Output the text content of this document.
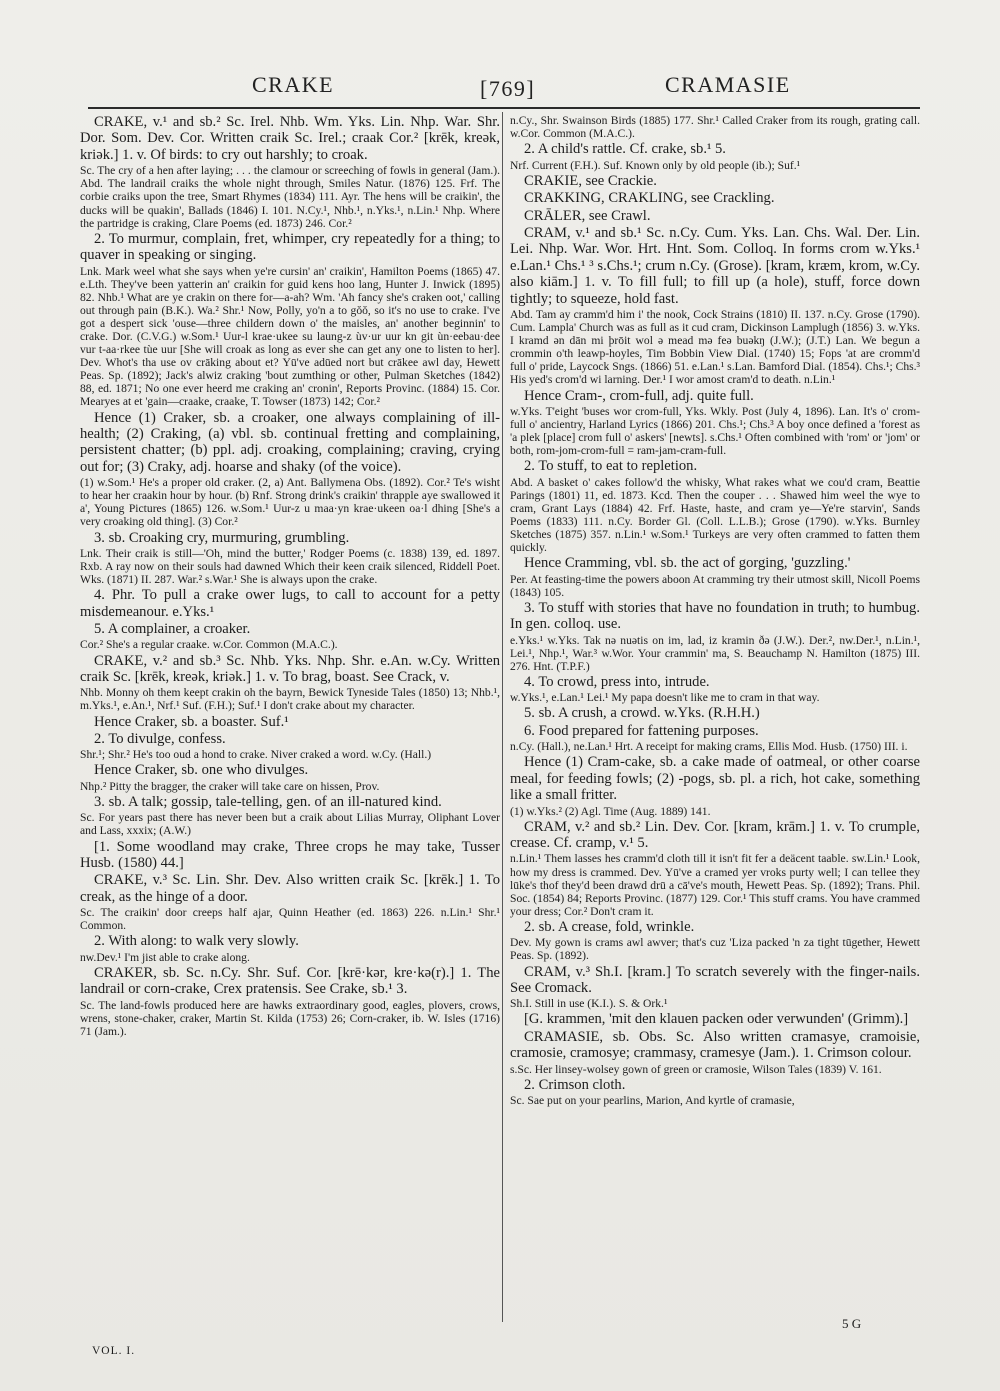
CRAKE	[769]	CRAMASIE

CRAKE, v.¹ and sb.² Sc. Irel. Nhb. Wm. Yks. Lin. Nhp. War. Shr. Dor. Som. Dev. Cor. Written craik Sc. Irel.; craak Cor.² [krēk, kreək, kriək.] 1. v. Of birds: to cry out harshly; to croak.

Sc. The cry of a hen after laying; . . . the clamour or screeching of fowls in general (Jam.). Abd. The landrail craiks the whole night through, Smiles Natur. (1876) 125. Frf. The corbie craiks upon the tree, Smart Rhymes (1834) 111. Ayr. The hens will be craikin', the ducks will be quakin', Ballads (1846) I. 101. N.Cy.¹, Nhb.¹, n.Yks.¹, n.Lin.¹ Nhp. Where the partridge is craking, Clare Poems (ed. 1873) 246. Cor.²

2. To murmur, complain, fret, whimper, cry repeatedly for a thing; to quaver in speaking or singing.

Lnk. Mark weel what she says when ye're cursin' an' craikin', Hamilton Poems (1865) 47. e.Lth. They've been yatterin an' craikin for guid kens hoo lang, Hunter J. Inwick (1895) 82. Nhb.¹ What are ye crakin on there for—a-ah? Wm. 'Ah fancy she's craken oot,' calling out through pain (B.K.). Wa.² Shr.¹ Now, Polly, yo'n a to gŏŏ, so it's no use to crake. I've got a despert sick 'ouse—three childern down o' the maisles, an' another beginnin' to crake. Dor. (C.V.G.) w.Som.¹ Uur-l krae·ukee su laung-z ùv·ur uur kn git ùn·eebau·dee vur t-aa·rkee tùe uur [She will croak as long as ever she can get any one to listen to her]. Dev. Whot's tha use ov crāking about et? Yū've adūed nort but crākee awl day, Hewett Peas. Sp. (1892); Jack's alwiz craking 'bout zumthing or other, Pulman Sketches (1842) 88, ed. 1871; No one ever heerd me craking an' cronin', Reports Provinc. (1884) 15. Cor. Mearyes at et 'gain—craake, craake, T. Towser (1873) 142; Cor.²

Hence (1) Craker, sb. a croaker, one always complaining of ill-health; (2) Craking, (a) vbl. sb. continual fretting and complaining, persistent chatter; (b) ppl. adj. croaking, complaining; craving, crying out for; (3) Craky, adj. hoarse and shaky (of the voice).

(1) w.Som.¹ He's a proper old craker. (2, a) Ant. Ballymena Obs. (1892). Cor.² Te's wisht to hear her craakin hour by hour. (b) Rnf. Strong drink's craikin' thrapple aye swallowed it a', Young Pictures (1865) 126. w.Som.¹ Uur-z u maa·yn krae·ukeen oa·l dhing [She's a very croaking old thing]. (3) Cor.²

3. sb. Croaking cry, murmuring, grumbling.

Lnk. Their craik is still—'Oh, mind the butter,' Rodger Poems (c. 1838) 139, ed. 1897. Rxb. A ray now on their souls had dawned Which their keen craik silenced, Riddell Poet. Wks. (1871) II. 287. War.² s.War.¹ She is always upon the crake.

4. Phr. To pull a crake ower lugs, to call to account for a petty misdemeanour. e.Yks.¹

5. A complainer, a croaker.

Cor.² She's a regular craake. w.Cor. Common (M.A.C.).

CRAKE, v.² and sb.³ Sc. Nhb. Yks. Nhp. Shr. e.An. w.Cy. Written craik Sc. [krēk, kreək, kriək.] 1. v. To brag, boast. See Crack, v.

Nhb. Monny oh them keept crakin oh the bayrn, Bewick Tyneside Tales (1850) 13; Nhb.¹, m.Yks.¹, e.An.¹, Nrf.¹ Suf. (F.H.); Suf.¹ I don't crake about my character.

Hence Craker, sb. a boaster. Suf.¹

2. To divulge, confess.

Shr.¹; Shr.² He's too oud a hond to crake. Niver craked a word. w.Cy. (Hall.)

Hence Craker, sb. one who divulges.

Nhp.² Pitty the bragger, the craker will take care on hissen, Prov.

3. sb. A talk; gossip, tale-telling, gen. of an ill-natured kind.

Sc. For years past there has never been but a craik about Lilias Murray, Oliphant Lover and Lass, xxxix; (A.W.)

[1. Some woodland may crake, Three crops he may take, Tusser Husb. (1580) 44.]

CRAKE, v.³ Sc. Lin. Shr. Dev. Also written craik Sc. [krēk.] 1. To creak, as the hinge of a door.

Sc. The craikin' door creeps half ajar, Quinn Heather (ed. 1863) 226. n.Lin.¹ Shr.¹ Common.

2. With along: to walk very slowly.

nw.Dev.¹ I'm jist able to crake along.

CRAKER, sb. Sc. n.Cy. Shr. Suf. Cor. [krē·kər, kre·kə(r).] 1. The landrail or corn-crake, Crex pratensis. See Crake, sb.¹ 3.

Sc. The land-fowls produced here are hawks extraordinary good, eagles, plovers, crows, wrens, stone-chaker, craker, Martin St. Kilda (1753) 26; Corn-craker, ib. W. Isles (1716) 71 (Jam.).

n.Cy., Shr. Swainson Birds (1885) 177. Shr.¹ Called Craker from its rough, grating call. w.Cor. Common (M.A.C.).

2. A child's rattle. Cf. crake, sb.¹ 5.

Nrf. Current (F.H.). Suf. Known only by old people (ib.); Suf.¹

CRAKIE, see Crackie.

CRAKKING, CRAKLING, see Crackling.

CRĀLER, see Crawl.

CRAM, v.¹ and sb.¹ Sc. n.Cy. Cum. Yks. Lan. Chs. Wal. Der. Lin. Lei. Nhp. War. Wor. Hrt. Hnt. Som. Colloq. In forms crom w.Yks.¹ e.Lan.¹ Chs.¹ ³ s.Chs.¹; crum n.Cy. (Grose). [kram, kræm, krom, w.Cy. also kiām.] 1. v. To fill full; to fill up (a hole), stuff, force down tightly; to squeeze, hold fast.

Abd. Tam ay cramm'd him i' the nook, Cock Strains (1810) II. 137. n.Cy. Grose (1790). Cum. Lampla' Church was as full as it cud cram, Dickinson Lamplugh (1856) 3. w.Yks. I kramd ən dān mi þrōit wol ə mead mə feə buəkŋ (J.W.); (J.T.) Lan. We begun a crommin o'th leawp-hoyles, Tim Bobbin View Dial. (1740) 15; Fops 'at are cromm'd full o' pride, Laycock Sngs. (1866) 51. e.Lan.¹ s.Lan. Bamford Dial. (1854). Chs.¹; Chs.³ His yed's crom'd wi larning. Der.¹ I wor amost cram'd to death. n.Lin.¹

Hence Cram-, crom-full, adj. quite full.

w.Yks. T'eight 'buses wor crom-full, Yks. Wkly. Post (July 4, 1896). Lan. It's o' crom-full o' ancientry, Harland Lyrics (1866) 201. Chs.¹; Chs.³ A boy once defined a 'forest as 'a plek [place] crom full o' askers' [newts]. s.Chs.¹ Often combined with 'rom' or 'jom' or both, rom-jom-crom-full = ram-jam-cram-full.

2. To stuff, to eat to repletion.

Abd. A basket o' cakes follow'd the whisky, What rakes what we cou'd cram, Beattie Parings (1801) 11, ed. 1873. Kcd. Then the couper . . . Shawed him weel the wye to cram, Grant Lays (1884) 42. Frf. Haste, haste, and cram ye—Ye're starvin', Sands Poems (1833) 111. n.Cy. Border Gl. (Coll. L.L.B.); Grose (1790). w.Yks. Burnley Sketches (1875) 357. n.Lin.¹ w.Som.¹ Turkeys are very often crammed to fatten them quickly.

Hence Cramming, vbl. sb. the act of gorging, 'guzzling.'

Per. At feasting-time the powers aboon At cramming try their utmost skill, Nicoll Poems (1843) 105.

3. To stuff with stories that have no foundation in truth; to humbug. In gen. colloq. use.

e.Yks.¹ w.Yks. Tak nə nuətis on im, lad, iz kramin ðə (J.W.). Der.², nw.Der.¹, n.Lin.¹, Lei.¹, Nhp.¹, War.³ w.Wor. Your crammin' ma, S. Beauchamp N. Hamilton (1875) III. 276. Hnt. (T.P.F.)

4. To crowd, press into, intrude.

w.Yks.¹, e.Lan.¹ Lei.¹ My papa doesn't like me to cram in that way.

5. sb. A crush, a crowd. w.Yks. (R.H.H.)

6. Food prepared for fattening purposes.

n.Cy. (Hall.), ne.Lan.¹ Hrt. A receipt for making crams, Ellis Mod. Husb. (1750) III. i.

Hence (1) Cram-cake, sb. a cake made of oatmeal, or other coarse meal, for feeding fowls; (2) -pogs, sb. pl. a rich, hot cake, something like a small fritter.

(1) w.Yks.² (2) Agl. Time (Aug. 1889) 141.

CRAM, v.² and sb.² Lin. Dev. Cor. [kram, krām.] 1. v. To crumple, crease. Cf. cramp, v.¹ 5.

n.Lin.¹ Them lasses hes cramm'd cloth till it isn't fit fer a deäcent taable. sw.Lin.¹ Look, how my dress is crammed. Dev. Yū've a cramed yer vroks purty well; I can tellee they lūke's thof they'd been drawd drū a cā've's mouth, Hewett Peas. Sp. (1892); Trans. Phil. Soc. (1854) 84; Reports Provinc. (1877) 129. Cor.¹ This stuff crams. You have crammed your dress; Cor.² Don't cram it.

2. sb. A crease, fold, wrinkle.

Dev. My gown is crams awl awver; that's cuz 'Liza packed 'n za tight tūgether, Hewett Peas. Sp. (1892).

CRAM, v.³ Sh.I. [kram.] To scratch severely with the finger-nails. See Cromack.

Sh.I. Still in use (K.I.). S. & Ork.¹

[G. krammen, 'mit den klauen packen oder verwunden' (Grimm).]

CRAMASIE, sb. Obs. Sc. Also written cramasye, cramoisie, cramosie, cramosye; crammasy, cramesye (Jam.). 1. Crimson colour.

s.Sc. Her linsey-wolsey gown of green or cramosie, Wilson Tales (1839) V. 161.

2. Crimson cloth.

Sc. Sae put on your pearlins, Marion, And kyrtle of cramasie,

VOL. I.
5 G
